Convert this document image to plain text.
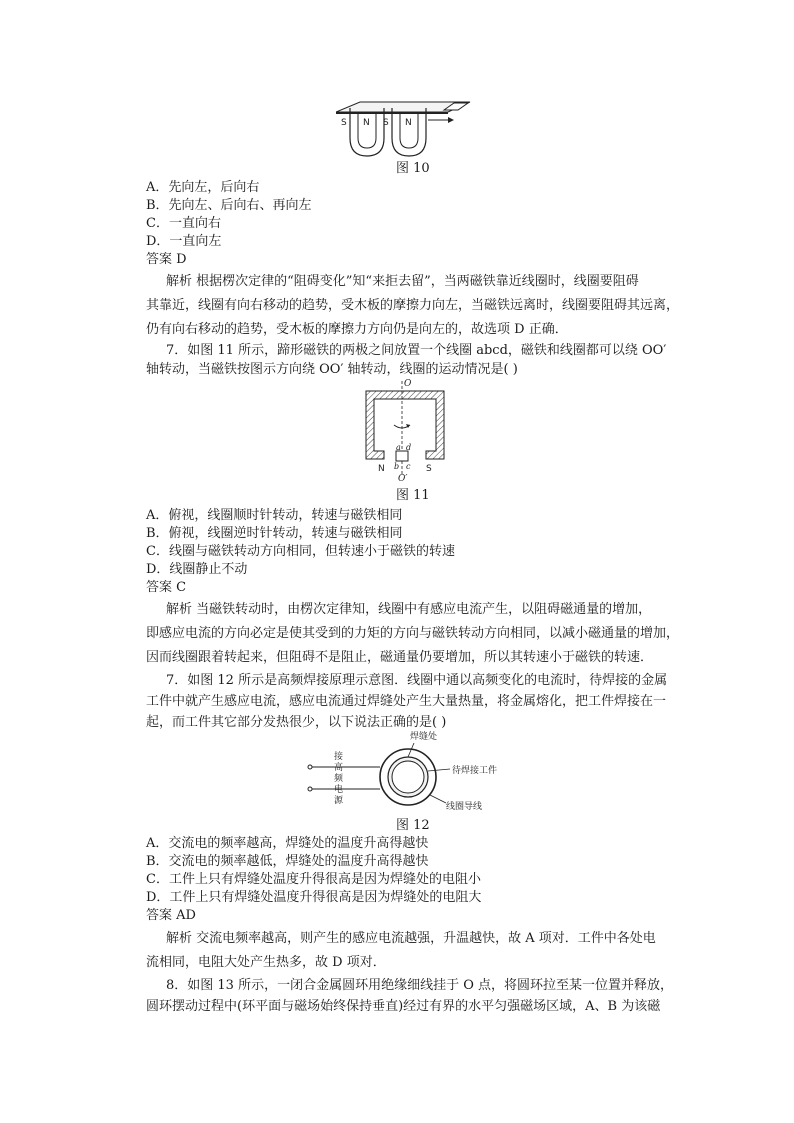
S N S N
图 10
A．先向左，后向右
B．先向左、后向右、再向左
C．一直向右
D．一直向左
答案 D
解析 根据楞次定律的“阻碍变化”知“来拒去留”，当两磁铁靠近线圈时，线圈要阻碍
其靠近，线圈有向右移动的趋势，受木板的摩擦力向左，当磁铁远离时，线圈要阻碍其远离，
仍有向右移动的趋势，受木板的摩擦力方向仍是向左的，故选项 D 正确．
7．如图 11 所示，蹄形磁铁的两极之间放置一个线圈 abcd，磁铁和线圈都可以绕 OO′
轴转动，当磁铁按图示方向绕 OO′ 轴转动，线圈的运动情况是( )
O
a d
b c
N	S
O′
图 11
A．俯视，线圈顺时针转动，转速与磁铁相同
B．俯视，线圈逆时针转动，转速与磁铁相同
C．线圈与磁铁转动方向相同，但转速小于磁铁的转速
D．线圈静止不动
答案 C
解析 当磁铁转动时，由楞次定律知，线圈中有感应电流产生，以阻碍磁通量的增加，
即感应电流的方向必定是使其受到的力矩的方向与磁铁转动方向相同，以减小磁通量的增加，
因而线圈跟着转起来，但阻碍不是阻止，磁通量仍要增加，所以其转速小于磁铁的转速．
7．如图 12 所示是高频焊接原理示意图．线圈中通以高频变化的电流时，待焊接的金属
工件中就产生感应电流，感应电流通过焊缝处产生大量热量，将金属熔化，把工件焊接在一
起，而工件其它部分发热很少，以下说法正确的是( )
焊缝处
待焊接工件
线圈导线
接
高
频
电
源
图 12
A．交流电的频率越高，焊缝处的温度升高得越快
B．交流电的频率越低，焊缝处的温度升高得越快
C．工件上只有焊缝处温度升得很高是因为焊缝处的电阻小
D．工件上只有焊缝处温度升得很高是因为焊缝处的电阻大
答案 AD
解析 交流电频率越高，则产生的感应电流越强，升温越快，故 A 项对．工件中各处电
流相同，电阻大处产生热多，故 D 项对．
8．如图 13 所示，一闭合金属圆环用绝缘细线挂于 O 点，将圆环拉至某一位置并释放，
圆环摆动过程中(环平面与磁场始终保持垂直)经过有界的水平匀强磁场区域，A、B 为该磁
